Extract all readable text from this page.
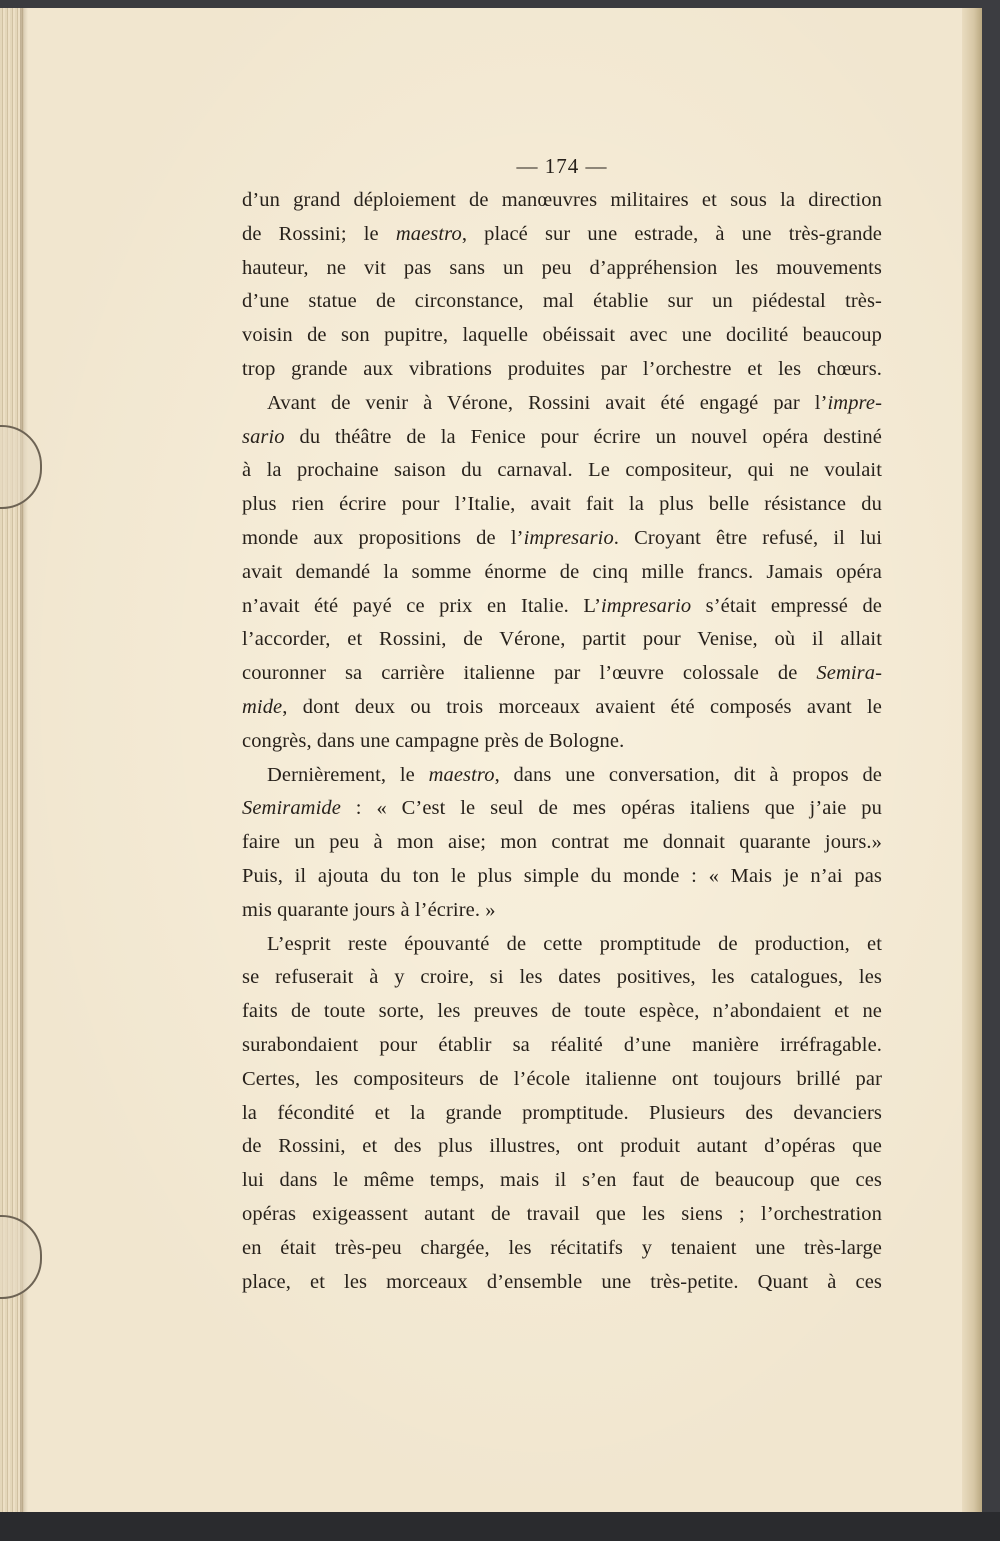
— 174 —
d’un grand déploiement de manœuvres militaires et sous la direction
de Rossini; le maestro, placé sur une estrade, à une très-grande
hauteur, ne vit pas sans un peu d’appréhension les mouvements
d’une statue de circonstance, mal établie sur un piédestal très-
voisin de son pupitre, laquelle obéissait avec une docilité beaucoup
trop grande aux vibrations produites par l’orchestre et les chœurs.
Avant de venir à Vérone, Rossini avait été engagé par l’impre-
sario du théâtre de la Fenice pour écrire un nouvel opéra destiné
à la prochaine saison du carnaval. Le compositeur, qui ne voulait
plus rien écrire pour l’Italie, avait fait la plus belle résistance du
monde aux propositions de l’impresario. Croyant être refusé, il lui
avait demandé la somme énorme de cinq mille francs. Jamais opéra
n’avait été payé ce prix en Italie. L’impresario s’était empressé de
l’accorder, et Rossini, de Vérone, partit pour Venise, où il allait
couronner sa carrière italienne par l’œuvre colossale de Semira-
mide, dont deux ou trois morceaux avaient été composés avant le
congrès, dans une campagne près de Bologne.
Dernièrement, le maestro, dans une conversation, dit à propos de
Semiramide : « C’est le seul de mes opéras italiens que j’aie pu
faire un peu à mon aise; mon contrat me donnait quarante jours.»
Puis, il ajouta du ton le plus simple du monde : « Mais je n’ai pas
mis quarante jours à l’écrire. »
L’esprit reste épouvanté de cette promptitude de production, et
se refuserait à y croire, si les dates positives, les catalogues, les
faits de toute sorte, les preuves de toute espèce, n’abondaient et ne
surabondaient pour établir sa réalité d’une manière irréfragable.
Certes, les compositeurs de l’école italienne ont toujours brillé par
la fécondité et la grande promptitude. Plusieurs des devanciers
de Rossini, et des plus illustres, ont produit autant d’opéras que
lui dans le même temps, mais il s’en faut de beaucoup que ces
opéras exigeassent autant de travail que les siens ; l’orchestration
en était très-peu chargée, les récitatifs y tenaient une très-large
place, et les morceaux d’ensemble une très-petite. Quant à ces
